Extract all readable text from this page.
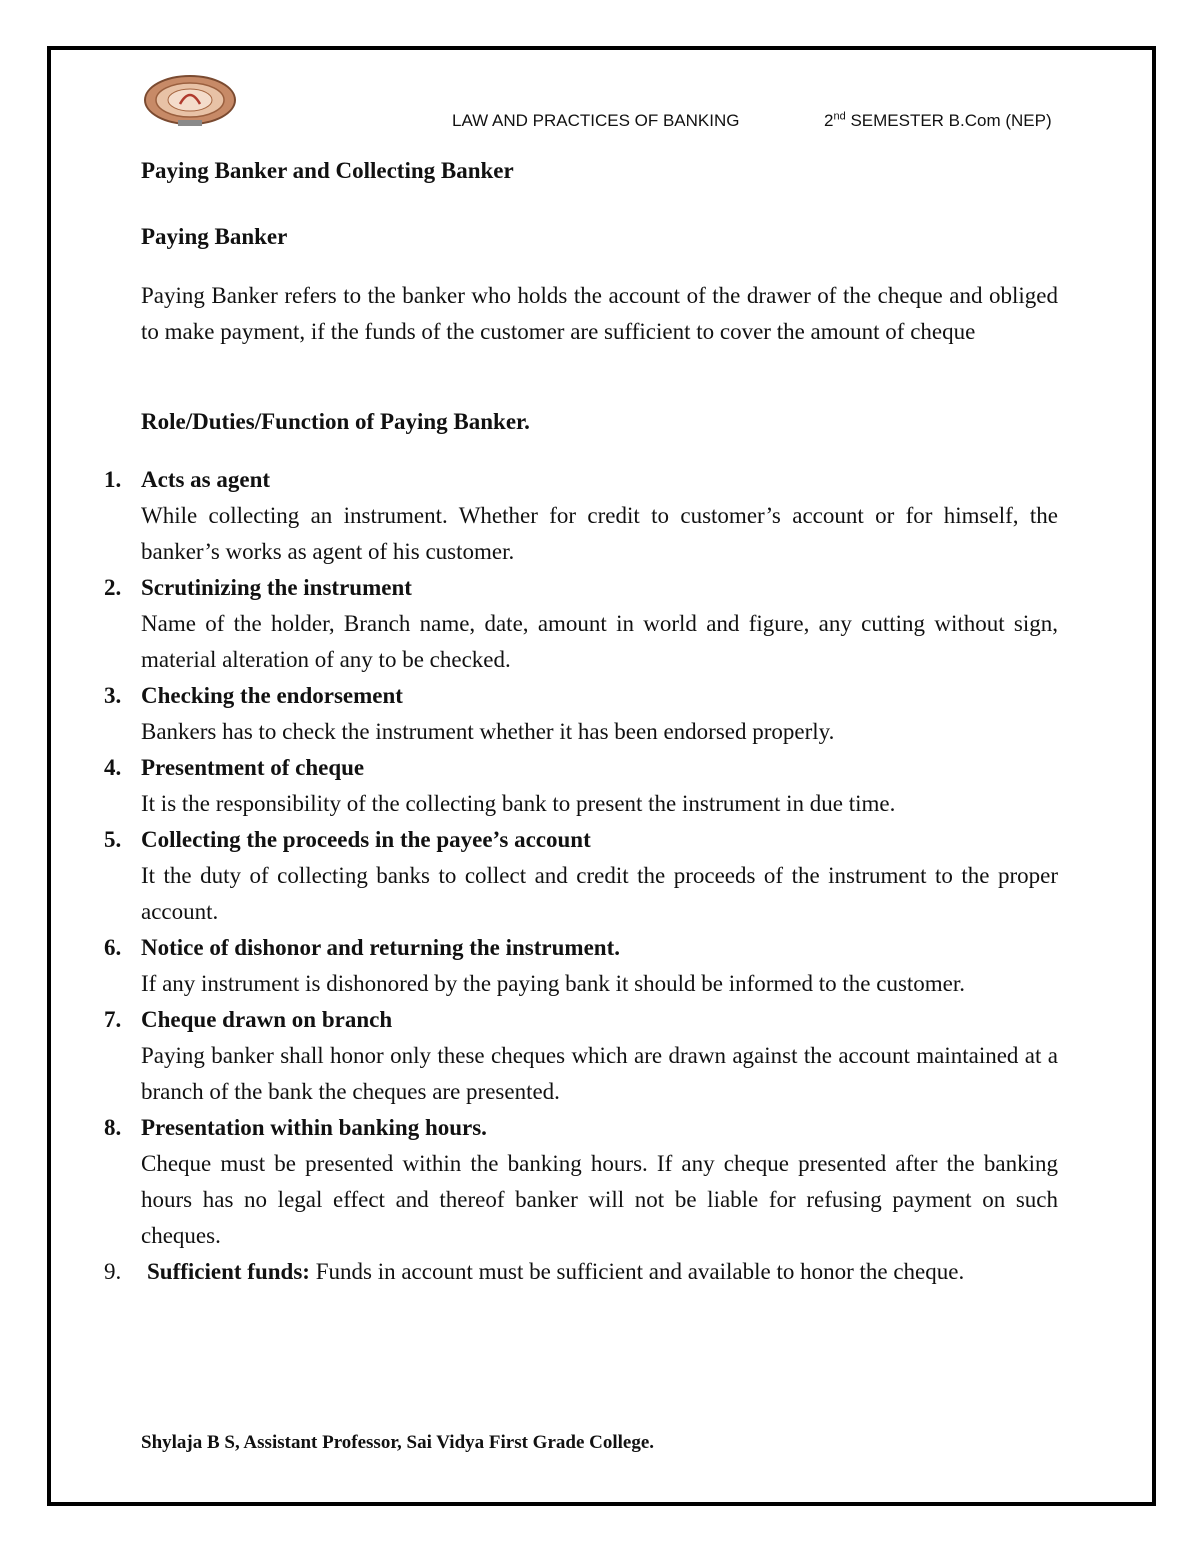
LAW AND PRACTICES OF BANKING	2nd SEMESTER B.Com (NEP)
Paying Banker and Collecting Banker
Paying Banker
Paying Banker refers to the banker who holds the account of the drawer of the cheque and obliged to make payment, if the funds of the customer are sufficient to cover the amount of cheque
Role/Duties/Function of Paying Banker.
1. Acts as agent
While collecting an instrument. Whether for credit to customer’s account or for himself, the banker’s works as agent of his customer.
2. Scrutinizing the instrument
Name of the holder, Branch name, date, amount in world and figure, any cutting without sign, material alteration of any to be checked.
3. Checking the endorsement
Bankers has to check the instrument whether it has been endorsed properly.
4. Presentment of cheque
It is the responsibility of the collecting bank to present the instrument in due time.
5. Collecting the proceeds in the payee’s account
It the duty of collecting banks to collect and credit the proceeds of the instrument to the proper account.
6. Notice of dishonor and returning the instrument.
If any instrument is dishonored by the paying bank it should be informed to the customer.
7. Cheque drawn on branch
Paying banker shall honor only these cheques which are drawn against the account maintained at a branch of the bank the cheques are presented.
8. Presentation within banking hours.
Cheque must be presented within the banking hours. If any cheque presented after the banking hours has no legal effect and thereof banker will not be liable for refusing payment on such cheques.
9. Sufficient funds: Funds in account must be sufficient and available to honor the cheque.
Shylaja B S, Assistant Professor, Sai Vidya First Grade College.
